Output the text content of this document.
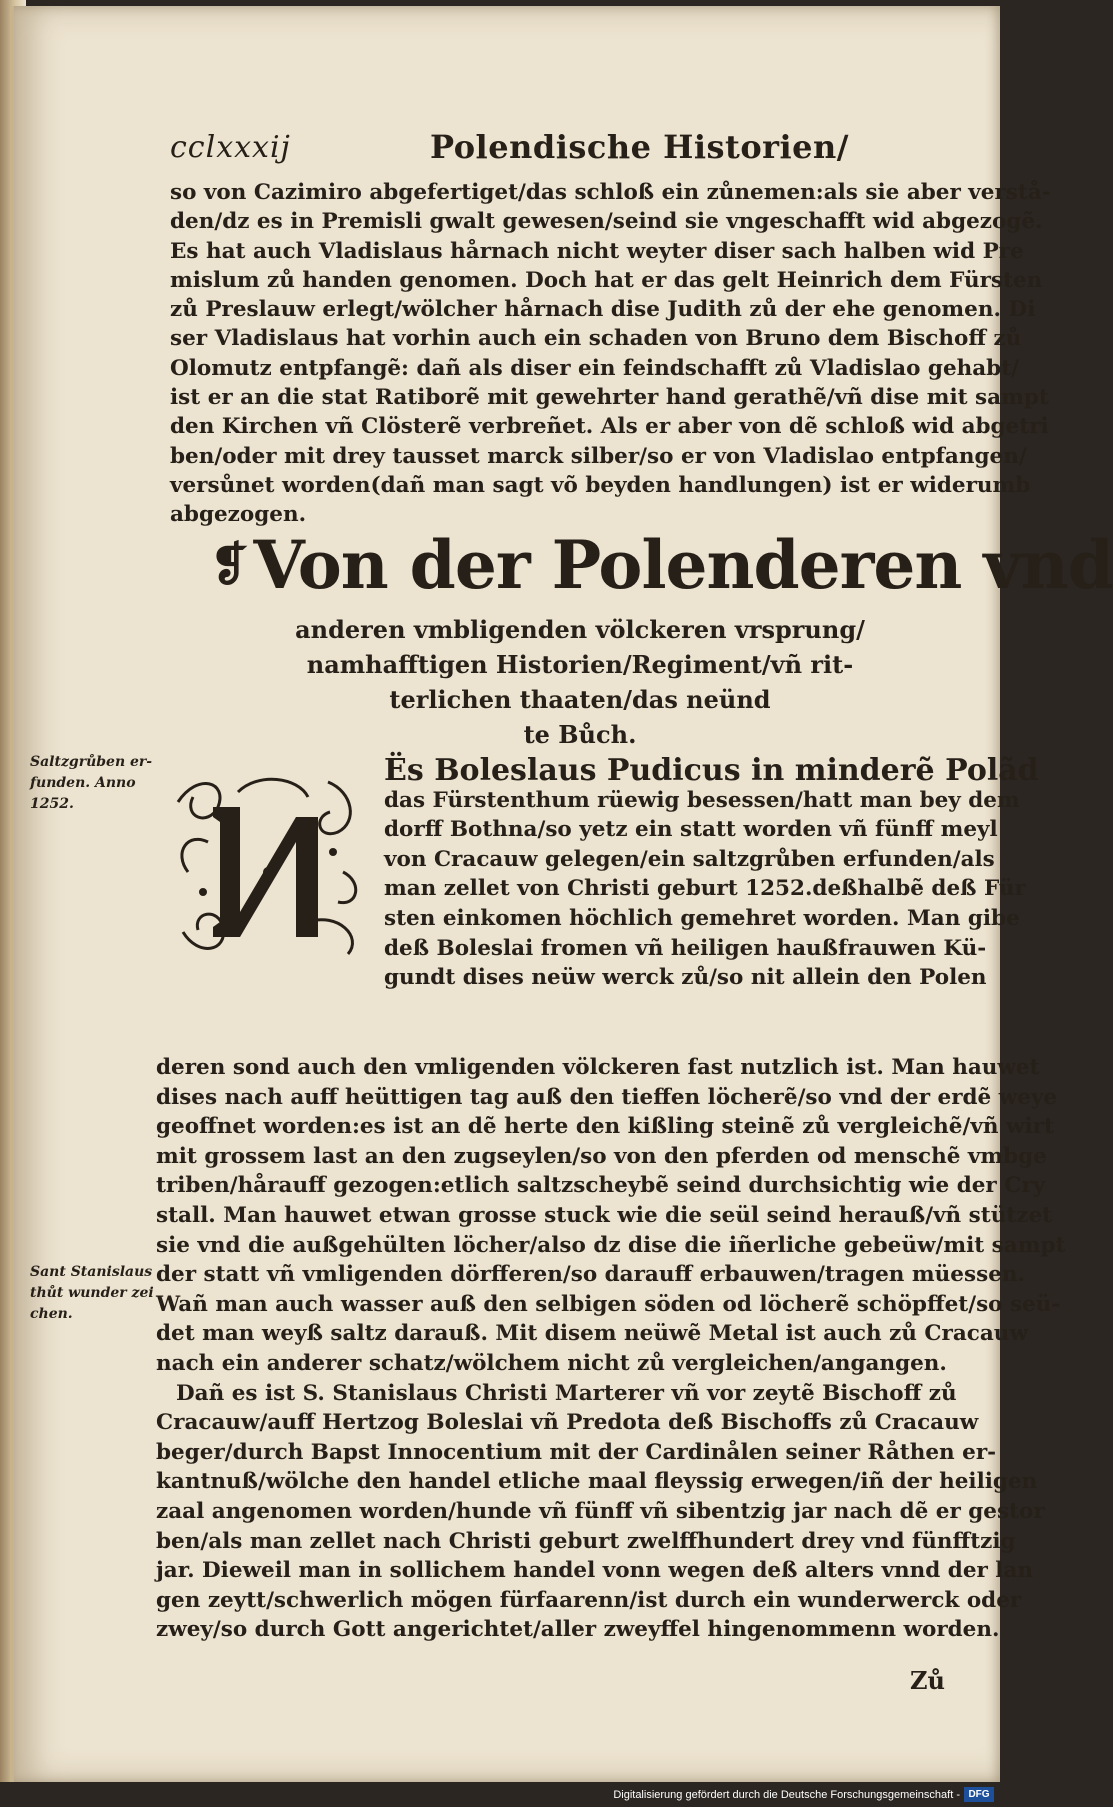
cclxxxij	Polendische Historien/
so von Cazimiro abgefertiget/das schloß ein zůnemen:als sie aber verstå-
den/dz es in Premisli gwalt gewesen/seind sie vngeschafft wid abgezogẽ.
Es hat auch Vladislaus hårnach nicht weyter diser sach halben wid Pre
mislum zů handen genomen. Doch hat er das gelt Heinrich dem Fürsten
zů Preslauw erlegt/wölcher hårnach dise Judith zů der ehe genomen. Di
ser Vladislaus hat vorhin auch ein schaden von Bruno dem Bischoff zů
Olomutz entpfangẽ: dañ als diser ein feindschafft zů Vladislao gehabt/
ist er an die stat Ratiborẽ mit gewehrter hand gerathẽ/vñ dise mit sampt
den Kirchen vñ Clösterẽ verbreñet. Als er aber von dẽ schloß wid abgetri
ben/oder mit drey tausset marck silber/so er von Vladislao entpfangen/
versůnet worden(dañ man sagt võ beyden handlungen) ist er widerumb
abgezogen.
❡Von der Polenderen vnd
anderen vmbligenden völckeren vrsprung/
namhafftigen Historien/Regiment/vñ rit-
terlichen thaaten/das neünd
te Bůch.
Saltzgrůben er-
funden. Anno
1252.
Sant Stanislaus
thůt wunder zei
chen.
Ës Boleslaus Pudicus in minderẽ Polãd
das Fürstenthum rüewig besessen/hatt man bey dem
dorff Bothna/so yetz ein statt worden vñ fünff meyl
von Cracauw gelegen/ein saltzgrůben erfunden/als
man zellet von Christi geburt 1252.deßhalbẽ deß Für
sten einkomen höchlich gemehret worden. Man gibe
deß Boleslai fromen vñ heiligen haußfrauwen Kü-
gundt dises neüw werck zů/so nit allein den Polen
deren sond auch den vmligenden völckeren fast nutzlich ist. Man hauwet
dises nach auff heüttigen tag auß den tieffen löcherẽ/so vnd der erdẽ weye
geoffnet worden:es ist an dẽ herte den kißling steinẽ zů vergleichẽ/vñ wirt
mit grossem last an den zugseylen/so von den pferden od menschẽ vmbge
triben/hårauff gezogen:etlich saltzscheybẽ seind durchsichtig wie der Cry
stall. Man hauwet etwan grosse stuck wie die seül seind herauß/vñ stützet
sie vnd die außgehülten löcher/also dz dise die iñerliche gebeüw/mit sampt
der statt vñ vmligenden dörfferen/so darauff erbauwen/tragen müessen.
Wañ man auch wasser auß den selbigen söden od löcherẽ schöpffet/so seü-
det man weyß saltz darauß. Mit disem neüwẽ Metal ist auch zů Cracauw
nach ein anderer schatz/wölchem nicht zů vergleichen/angangen.
Dañ es ist S. Stanislaus Christi Marterer vñ vor zeytẽ Bischoff zů
Cracauw/auff Hertzog Boleslai vñ Predota deß Bischoffs zů Cracauw
beger/durch Bapst Innocentium mit der Cardinålen seiner Råthen er-
kantnuß/wölche den handel etliche maal fleyssig erwegen/iñ der heiligen
zaal angenomen worden/hunde vñ fünff vñ sibentzig jar nach dẽ er gestor
ben/als man zellet nach Christi geburt zwelffhundert drey vnd fünfftzig
jar. Dieweil man in sollichem handel vonn wegen deß alters vnnd der lan
gen zeytt/schwerlich mögen fürfaarenn/ist durch ein wunderwerck oder
zwey/so durch Gott angerichtet/aller zweyffel hingenommenn worden.
Zů
Digitalisierung gefördert durch die Deutsche Forschungsgemeinschaft - DFG
